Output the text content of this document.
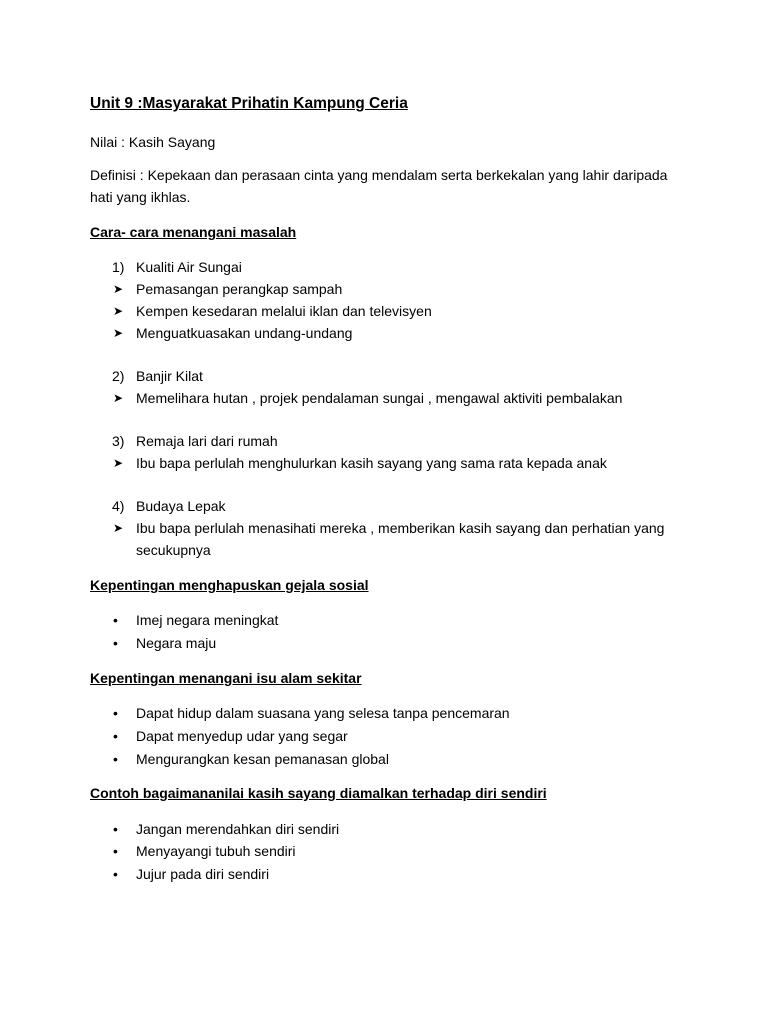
Unit 9 :Masyarakat Prihatin Kampung Ceria
Nilai : Kasih Sayang
Definisi : Kepekaan dan perasaan cinta yang mendalam serta berkekalan yang lahir daripada
hati yang ikhlas.
Cara- cara menangani masalah
1) Kualiti Air Sungai
➤ Pemasangan perangkap sampah
➤ Kempen kesedaran melalui iklan dan televisyen
➤ Menguatkuasakan undang-undang
2) Banjir Kilat
➤ Memelihara hutan , projek pendalaman sungai , mengawal aktiviti pembalakan
3) Remaja lari dari rumah
➤ Ibu bapa perlulah menghulurkan kasih sayang yang sama rata kepada anak
4) Budaya Lepak
➤ Ibu bapa perlulah menasihati mereka , memberikan kasih sayang dan perhatian yang
secukupnya
Kepentingan menghapuskan gejala sosial
• Imej negara meningkat
• Negara maju
Kepentingan menangani isu alam sekitar
• Dapat hidup dalam suasana yang selesa tanpa pencemaran
• Dapat menyedup udar yang segar
• Mengurangkan kesan pemanasan global
Contoh bagaimananilai kasih sayang diamalkan terhadap diri sendiri
• Jangan merendahkan diri sendiri
• Menyayangi tubuh sendiri
• Jujur pada diri sendiri
